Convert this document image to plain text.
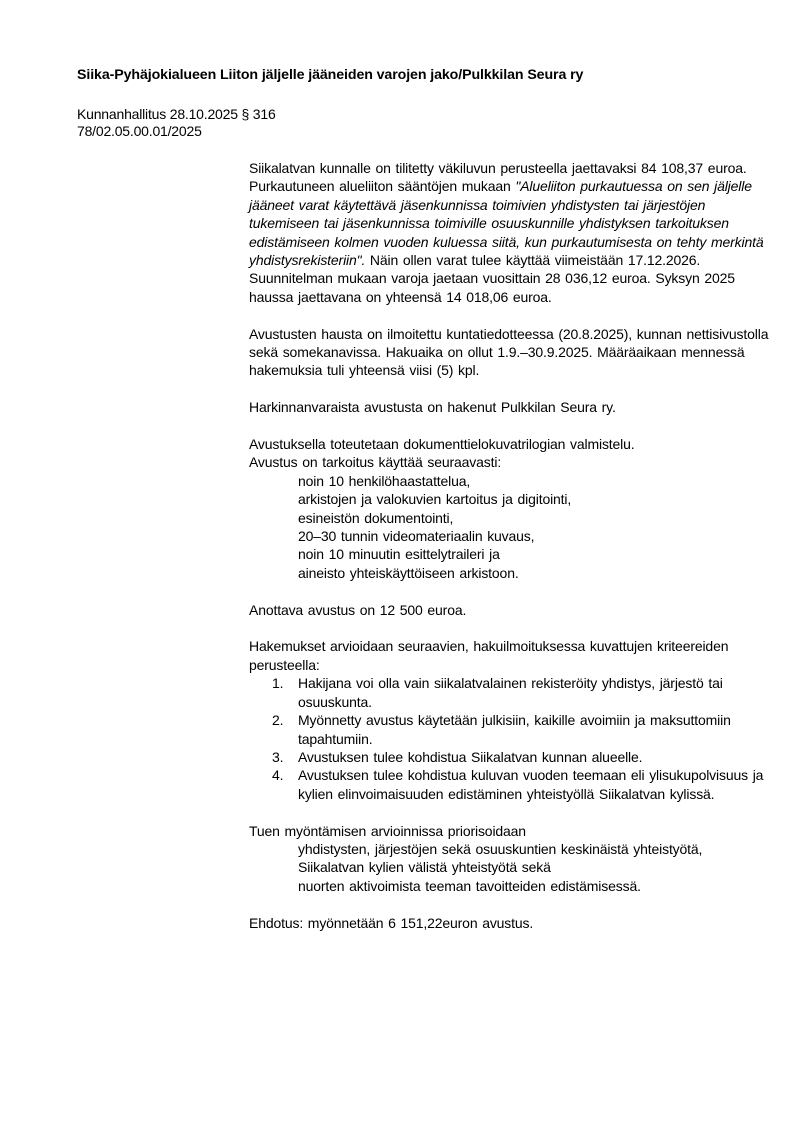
Siika-Pyhäjokialueen Liiton jäljelle jääneiden varojen jako/Pulkkilan Seura ry
Kunnanhallitus 28.10.2025 § 316
78/02.05.00.01/2025

Siikalatvan kunnalle on tilitetty väkiluvun perusteella jaettavaksi 84 108,37 euroa. Purkautuneen alueliiton sääntöjen mukaan "Alueliiton purkautuessa on sen jäljelle jääneet varat käytettävä jäsenkunnissa toimivien yhdistysten tai järjestöjen tukemiseen tai jäsenkunnissa toimiville osuuskunnille yhdistyksen tarkoituksen edistämiseen kolmen vuoden kuluessa siitä, kun purkautumisesta on tehty merkintä yhdistysrekisteriin". Näin ollen varat tulee käyttää viimeistään 17.12.2026. Suunnitelman mukaan varoja jaetaan vuosittain 28 036,12 euroa. Syksyn 2025 haussa jaettavana on yhteensä 14 018,06 euroa.

Avustusten hausta on ilmoitettu kuntatiedotteessa (20.8.2025), kunnan nettisivustolla sekä somekanavissa. Hakuaika on ollut 1.9.–30.9.2025. Määräaikaan mennessä hakemuksia tuli yhteensä viisi (5) kpl.

Harkinnanvaraista avustusta on hakenut Pulkkilan Seura ry.

Avustuksella toteutetaan dokumenttielokuvatrilogian valmistelu.
Avustus on tarkoitus käyttää seuraavasti:
noin 10 henkilöhaastattelua,
arkistojen ja valokuvien kartoitus ja digitointi,
esineistön dokumentointi,
20–30 tunnin videomateriaalin kuvaus,
noin 10 minuutin esittelytraileri ja
aineisto yhteiskäyttöiseen arkistoon.

Anottava avustus on 12 500 euroa.

Hakemukset arvioidaan seuraavien, hakuilmoituksessa kuvattujen kriteereiden perusteella:
1. Hakijana voi olla vain siikalatvalainen rekisteröity yhdistys, järjestö tai osuuskunta.
2. Myönnetty avustus käytetään julkisiin, kaikille avoimiin ja maksuttomiin tapahtumiin.
3. Avustuksen tulee kohdistua Siikalatvan kunnan alueelle.
4. Avustuksen tulee kohdistua kuluvan vuoden teemaan eli ylisukupolvisuus ja kylien elinvoimaisuuden edistäminen yhteistyöllä Siikalatvan kylissä.
Tuen myöntämisen arvioinnissa priorisoidaan
yhdistysten, järjestöjen sekä osuuskuntien keskinäistä yhteistyötä,
Siikalatvan kylien välistä yhteistyötä sekä
nuorten aktivoimista teeman tavoitteiden edistämisessä.

Ehdotus: myönnetään 6 151,22euron avustus.
